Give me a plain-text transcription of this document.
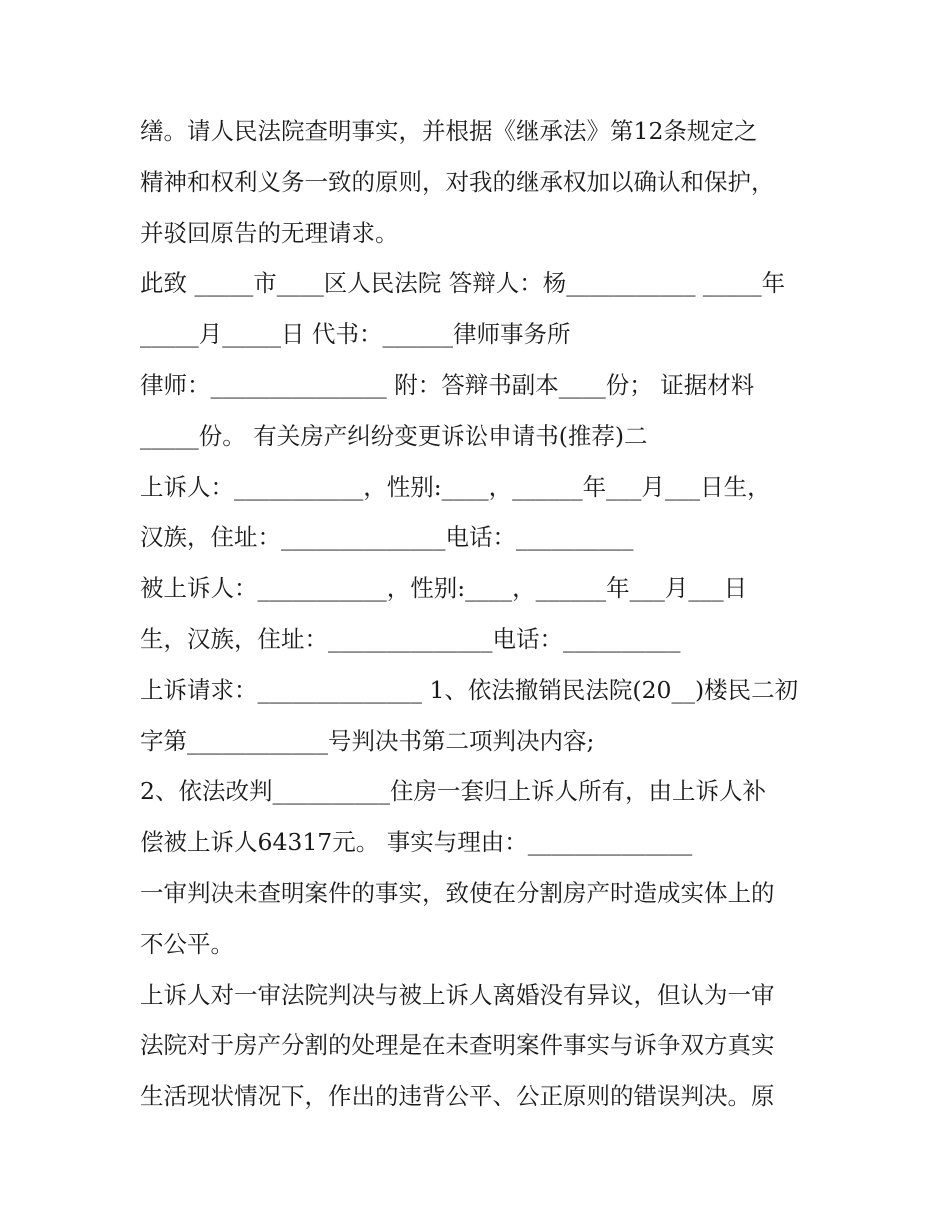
缮。请人民法院查明事实，并根据《继承法》第12条规定之
精神和权利义务一致的原则，对我的继承权加以确认和保护，
并驳回原告的无理请求。
此致 _____市____区人民法院 答辩人：杨___________ _____年
_____月_____日 代书：______律师事务所
律师：_______________ 附：答辩书副本____份； 证据材料
_____份。 有关房产纠纷变更诉讼申请书(推荐)二
上诉人：___________，性别:____，______年___月___日生，
汉族，住址：______________电话：__________
被上诉人：___________，性别:____，______年___月___日
生，汉族，住址：______________电话：__________
上诉请求：______________ 1、依法撤销民法院(20__)楼民二初
字第____________号判决书第二项判决内容;
2、依法改判__________住房一套归上诉人所有，由上诉人补
偿被上诉人64317元。 事实与理由：______________
一审判决未查明案件的事实，致使在分割房产时造成实体上的
不公平。
上诉人对一审法院判决与被上诉人离婚没有异议，但认为一审
法院对于房产分割的处理是在未查明案件事实与诉争双方真实
生活现状情况下，作出的违背公平、公正原则的错误判决。原
